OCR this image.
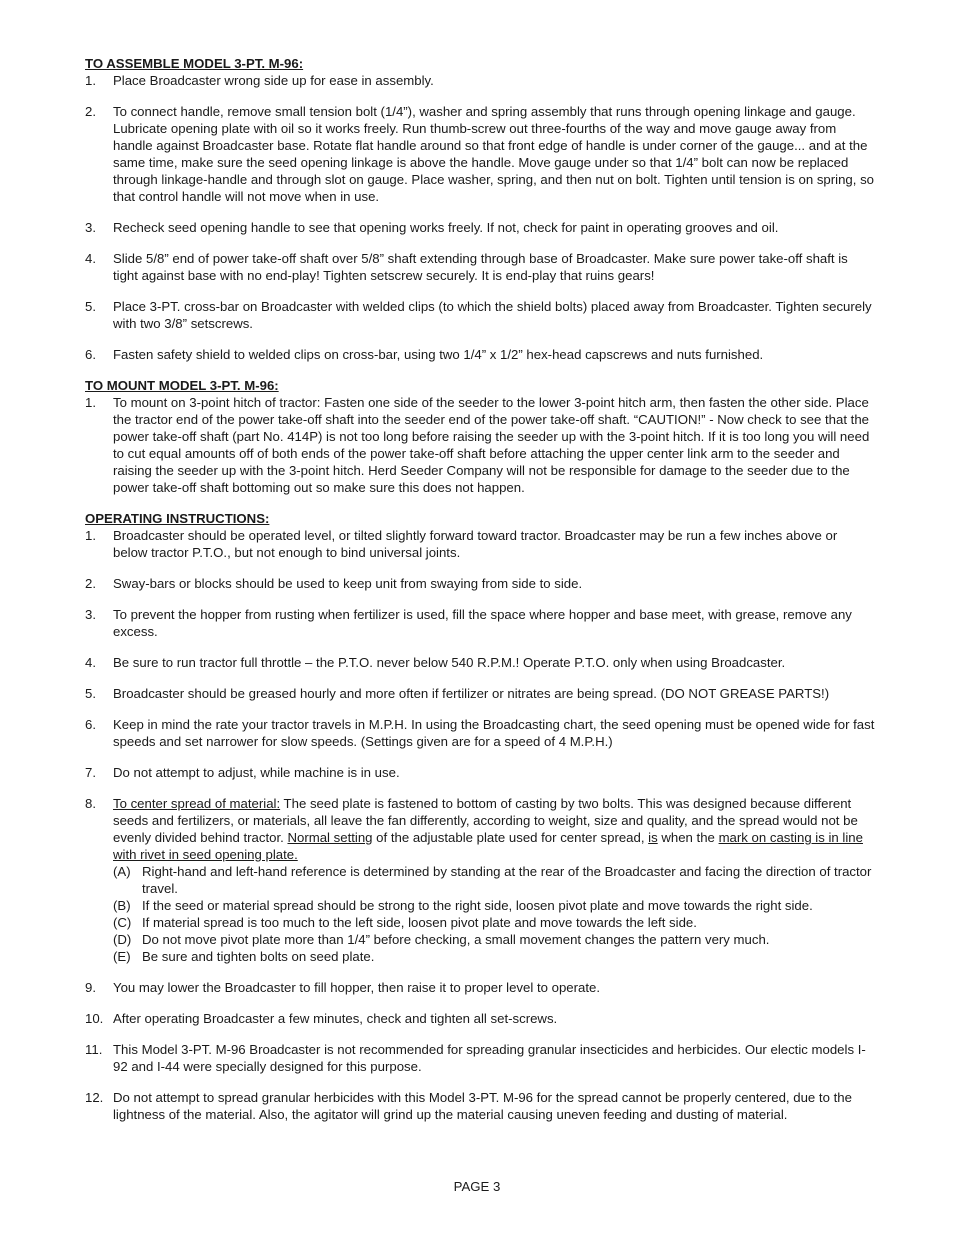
TO ASSEMBLE MODEL 3-PT. M-96:

1.	Place Broadcaster wrong side up for ease in assembly.
2.	To connect handle, remove small tension bolt (1/4”), washer and spring assembly that runs through opening linkage and gauge. Lubricate opening plate with oil so it works freely. Run thumb-screw out three-fourths of the way and move gauge away from handle against Broadcaster base. Rotate flat handle around so that front edge of handle is under corner of the gauge... and at the same time, make sure the seed opening linkage is above the handle. Move gauge under so that 1/4” bolt can now be replaced through linkage-handle and through slot on gauge. Place washer, spring, and then nut on bolt. Tighten until tension is on spring, so that control handle will not move when in use.
3.	Recheck seed opening handle to see that opening works freely. If not, check for paint in operating grooves and oil.
4.	Slide 5/8” end of power take-off shaft over 5/8” shaft extending through base of Broadcaster. Make sure power take-off shaft is tight against base with no end-play! Tighten setscrew securely. It is end-play that ruins gears!
5.	Place 3-PT. cross-bar on Broadcaster with welded clips (to which the shield bolts) placed away from Broadcaster. Tighten securely with two 3/8” setscrews.
6.	Fasten safety shield to welded clips on cross-bar, using two 1/4” x 1/2” hex-head capscrews and nuts furnished.

TO MOUNT MODEL 3-PT. M-96:

1.	To mount on 3-point hitch of tractor: Fasten one side of the seeder to the lower 3-point hitch arm, then fasten the other side. Place the tractor end of the power take-off shaft into the seeder end of the power take-off shaft. “CAUTION!” - Now check to see that the power take-off shaft (part No. 414P) is not too long before raising the seeder up with the 3-point hitch. If it is too long you will need to cut equal amounts off of both ends of the power take-off shaft before attaching the upper center link arm to the seeder and raising the seeder up with the 3-point hitch. Herd Seeder Company will not be responsible for damage to the seeder due to the power take-off shaft bottoming out so make sure this does not happen.

OPERATING INSTRUCTIONS:

1.	Broadcaster should be operated level, or tilted slightly forward toward tractor. Broadcaster may be run a few inches above or below tractor P.T.O., but not enough to bind universal joints.
2.	Sway-bars or blocks should be used to keep unit from swaying from side to side.
3.	To prevent the hopper from rusting when fertilizer is used, fill the space where hopper and base meet, with grease, remove any excess.
4.	Be sure to run tractor full throttle – the P.T.O. never below 540 R.P.M.! Operate P.T.O. only when using Broadcaster.
5.	Broadcaster should be greased hourly and more often if fertilizer or nitrates are being spread. (DO NOT GREASE PARTS!)
6.	Keep in mind the rate your tractor travels in M.P.H. In using the Broadcasting chart, the seed opening must be opened wide for fast speeds and set narrower for slow speeds. (Settings given are for a speed of 4 M.P.H.)
7.	Do not attempt to adjust, while machine is in use.
8.	To center spread of material: The seed plate is fastened to bottom of casting by two bolts. This was designed because different seeds and fertilizers, or materials, all leave the fan differently, according to weight, size and quality, and the spread would not be evenly divided behind tractor. Normal setting of the adjustable plate used for center spread, is when the mark on casting is in line with rivet in seed opening plate.
(A) Right-hand and left-hand reference is determined by standing at the rear of the Broadcaster and facing the direction of tractor travel.
(B) If the seed or material spread should be strong to the right side, loosen pivot plate and move towards the right side.
(C) If material spread is too much to the left side, loosen pivot plate and move towards the left side.
(D) Do not move pivot plate more than 1/4” before checking, a small movement changes the pattern very much.
(E) Be sure and tighten bolts on seed plate.
9.	You may lower the Broadcaster to fill hopper, then raise it to proper level to operate.
10. After operating Broadcaster a few minutes, check and tighten all set-screws.
11. This Model 3-PT. M-96 Broadcaster is not recommended for spreading granular insecticides and herbicides. Our electic models I-92 and I-44 were specially designed for this purpose.
12. Do not attempt to spread granular herbicides with this Model 3-PT. M-96 for the spread cannot be properly centered, due to the lightness of the material. Also, the agitator will grind up the material causing uneven feeding and dusting of material.
PAGE 3
